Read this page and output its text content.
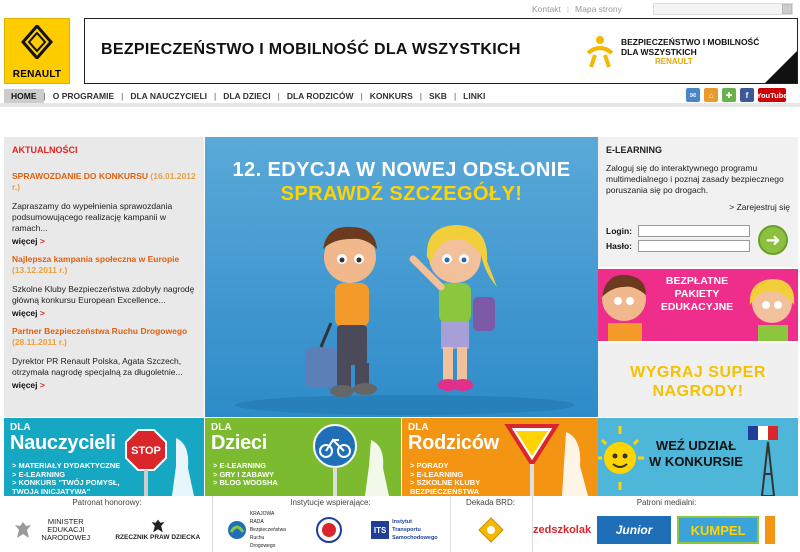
Kontakt | Mapa strony
RENAULT
BEZPIECZEŃSTWO I MOBILNOŚĆ DLA WSZYSTKICH	BEZPIECZEŃSTWO I MOBILNOŚĆ
DLA WSZYSTKICH
RENAULT
HOME | O PROGRAMIE | DLA NAUCZYCIELI | DLA DZIECI | DLA RODZICÓW | KONKURS | SKB | LINKI	✉	⌂	✚	f	YouTube
AKTUALNOŚCI
SPRAWOZDANIE DO KONKURSU (16.01.2012 r.)
Zapraszamy do wypełnienia sprawozdania podsumowującego realizację kampanii w ramach...
więcej >
Najlepsza kampania społeczna w Europie (13.12.2011 r.)
Szkolne Kluby Bezpieczeństwa zdobyły nagrodę główną konkursu European Excellence...
więcej >
Partner Bezpieczeństwa Ruchu Drogowego (28.11.2011 r.)
Dyrektor PR Renault Polska, Agata Szczech, otrzymała nagrodę specjalną za długoletnie...
więcej >
12. EDYCJA W NOWEJ ODSŁONIE
SPRAWDŹ SZCZEGÓŁY!
E-LEARNING
Zaloguj się do interaktywnego programu multimedialnego i poznaj zasady bezpiecznego poruszania się po drogach.
> Zarejestruj się
Login:
Hasło:	➜
BEZPŁATNE PAKIETY EDUKACYJNE
WYGRAJ SUPER NAGRODY!
DLA
Nauczycieli
> MATERIAŁY DYDAKTYCZNE
> E-LEARNING
> KONKURS "TWÓJ POMYSŁ,
TWOJA INICJATYWA"
STOP
DLA
Dzieci
> E-LEARNING
> GRY I ZABAWY
> BLOG WOOSHA
DLA
Rodziców
> PORADY
> E-LEARNING
> SZKOLNE KLUBY
BEZPIECZEŃSTWA
WEŹ UDZIAŁ W KONKURSIE
Patronat honorowy:
MINISTER EDUKACJI NARODOWEJ	RZECZNIK PRAW DZIECKA
Instytucje wspierające:
KRAJOWA RADA Bezpieczeństwa Ruchu Drogowego
ITS
Instytut Transportu Samochodowego
Dekada BRD:	Patroni medialni:
zedszkolak	Junior	KUMPEL
